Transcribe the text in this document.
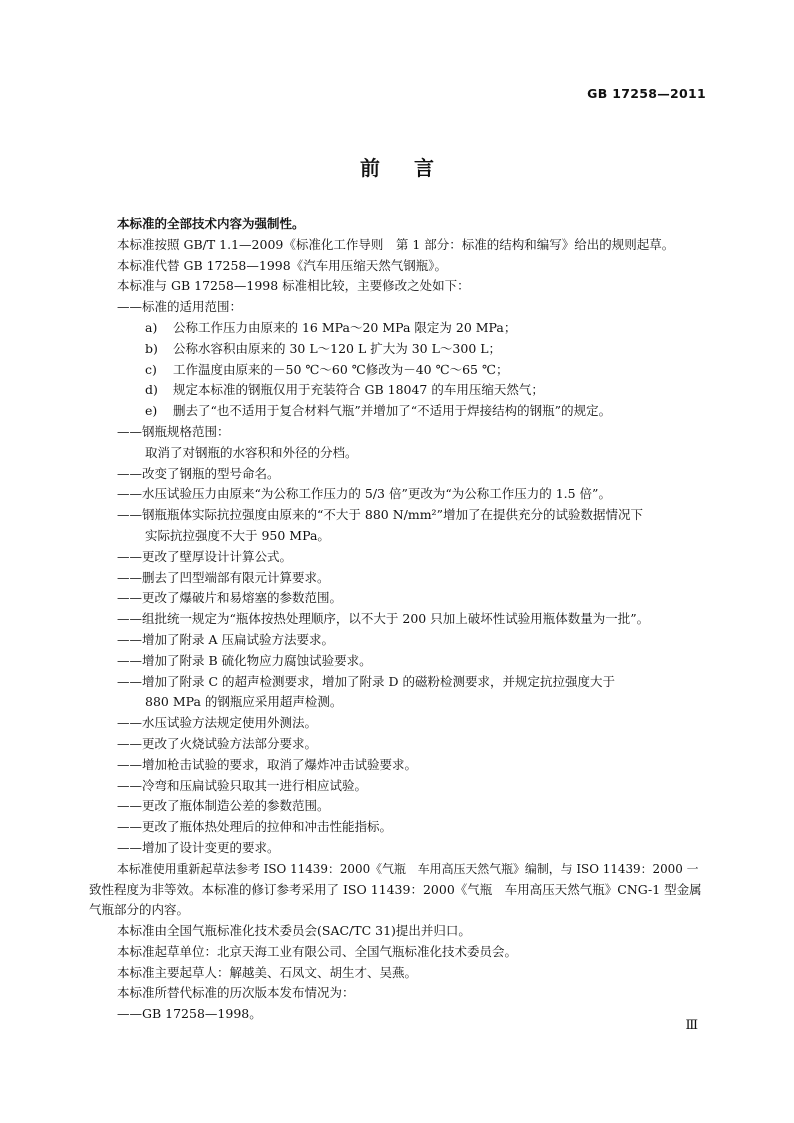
GB 17258—2011
前言
本标准的全部技术内容为强制性。
本标准按照 GB/T 1.1—2009《标准化工作导则　第 1 部分：标准的结构和编写》给出的规则起草。
本标准代替 GB 17258—1998《汽车用压缩天然气钢瓶》。
本标准与 GB 17258—1998 标准相比较，主要修改之处如下：
——标准的适用范围：
a) 公称工作压力由原来的 16 MPa～20 MPa 限定为 20 MPa；
b) 公称水容积由原来的 30 L～120 L 扩大为 30 L～300 L；
c) 工作温度由原来的－50 ℃～60 ℃修改为－40 ℃～65 ℃；
d) 规定本标准的钢瓶仅用于充装符合 GB 18047 的车用压缩天然气；
e) 删去了“也不适用于复合材料气瓶”并增加了“不适用于焊接结构的钢瓶”的规定。
——钢瓶规格范围：
取消了对钢瓶的水容积和外径的分档。
——改变了钢瓶的型号命名。
——水压试验压力由原来“为公称工作压力的 5/3 倍”更改为“为公称工作压力的 1.5 倍”。
——钢瓶瓶体实际抗拉强度由原来的“不大于 880 N/mm²”增加了在提供充分的试验数据情况下
实际抗拉强度不大于 950 MPa。
——更改了壁厚设计计算公式。
——删去了凹型端部有限元计算要求。
——更改了爆破片和易熔塞的参数范围。
——组批统一规定为“瓶体按热处理顺序，以不大于 200 只加上破坏性试验用瓶体数量为一批”。
——增加了附录 A 压扁试验方法要求。
——增加了附录 B 硫化物应力腐蚀试验要求。
——增加了附录 C 的超声检测要求，增加了附录 D 的磁粉检测要求，并规定抗拉强度大于
880 MPa 的钢瓶应采用超声检测。
——水压试验方法规定使用外测法。
——更改了火烧试验方法部分要求。
——增加枪击试验的要求，取消了爆炸冲击试验要求。
——冷弯和压扁试验只取其一进行相应试验。
——更改了瓶体制造公差的参数范围。
——更改了瓶体热处理后的拉伸和冲击性能指标。
——增加了设计变更的要求。
本标准使用重新起草法参考 ISO 11439：2000《气瓶　车用高压天然气瓶》编制，与 ISO 11439：2000 一
致性程度为非等效。本标准的修订参考采用了 ISO 11439：2000《气瓶　车用高压天然气瓶》CNG-1 型金属
气瓶部分的内容。
本标准由全国气瓶标准化技术委员会(SAC/TC 31)提出并归口。
本标准起草单位：北京天海工业有限公司、全国气瓶标准化技术委员会。
本标准主要起草人：解越美、石凤文、胡生才、吴燕。
本标准所替代标准的历次版本发布情况为：
——GB 17258—1998。
Ⅲ
